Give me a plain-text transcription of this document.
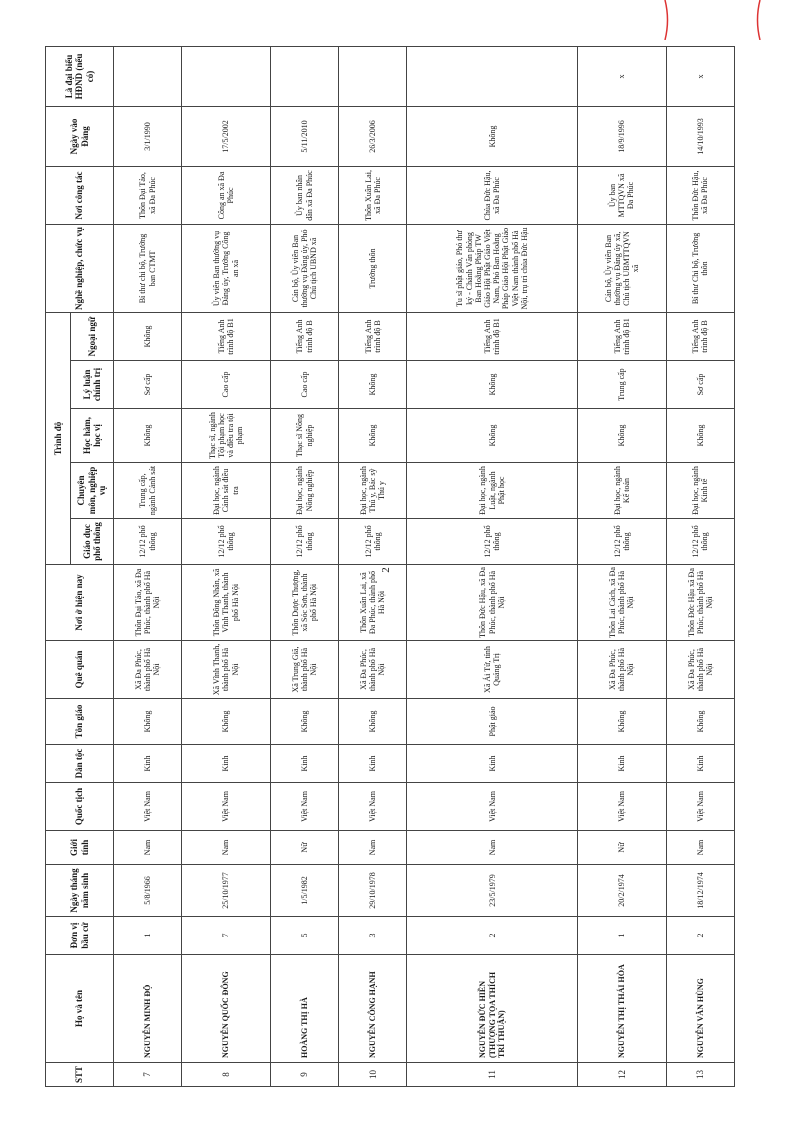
2
STT	Họ và tên	Đơn vị bầu cử	Ngày tháng năm sinh	Giới tính	Quốc tịch	Dân tộc	Tôn giáo	Quê quán	Nơi ở hiện nay	Trình độ					Nghề nghiệp, chức vụ	Nơi công tác	Ngày vào Đảng	Là đại biểu HĐND (nếu có)
										Giáo dục phổ thông	Chuyên môn, nghiệp vụ	Học hàm, học vị	Lý luận chính trị	Ngoại ngữ				
7	NGUYỄN MINH ĐỘ	1	5/8/1966	Nam	Việt Nam	Kinh	Không	Xã Đa Phúc, thành phố Hà Nội	Thôn Đại Tảo, xã Đa Phúc, thành phố Hà Nội	12/12 phổ thông	Trung cấp, ngành Cảnh sát	Không	Sơ cấp	Không	Bí thư chi bộ, Trưởng ban CTMT	Thôn Đại Tảo, xã Đa Phúc	3/1/1990	
8	NGUYỄN QUỐC ĐÔNG	7	25/10/1977	Nam	Việt Nam	Kinh	Không	Xã Vĩnh Thanh, thành phố Hà Nội	Thôn Đông Nhân, xã Vĩnh Thanh, thành phố Hà Nội	12/12 phổ thông	Đại học, ngành Cảnh sát điều tra	Thạc sĩ, ngành Tội phạm học và điều tra tội phạm	Cao cấp	Tiếng Anh trình độ B1	Ủy viên Ban thường vụ Đảng ủy, Trưởng Công an xã	Công an xã Đa Phúc	17/5/2002	
9	HOÀNG THỊ HÀ	5	1/5/1982	Nữ	Việt Nam	Kinh	Không	Xã Trung Giã, thành phố Hà Nội	Thôn Dược Thượng, xã Sóc Sơn, thành phố Hà Nội	12/12 phổ thông	Đại học, ngành Nông nghiệp	Thạc sĩ Nông nghiệp	Cao cấp	Tiếng Anh trình độ B	Cán bộ, Ủy viên Ban thường vụ Đảng ủy, Phó Chủ tịch UBND xã	Ủy ban nhân dân xã Đa Phúc	5/11/2010	
10	NGUYỄN CÔNG HẠNH	3	29/10/1978	Nam	Việt Nam	Kinh	Không	Xã Đa Phúc, thành phố Hà Nội	Thôn Xuân Lai, xã Đa Phúc, thành phố Hà Nội	12/12 phổ thông	Đại học, ngành Thú y, Bác sỹ Thú y	Không	Không	Tiếng Anh trình độ B	Trưởng thôn	Thôn Xuân Lai, xã Đa Phúc	26/3/2006	
11	NGUYỄN ĐỨC HIỀN (THƯỢNG TỌA THÍCH TRÍ THUẬN)	2	23/5/1979	Nam	Việt Nam	Kinh	Phật giáo	Xã Ái Tử, tỉnh Quảng Trị	Thôn Đức Hậu, xã Đa Phúc, thành phố Hà Nội	12/12 phổ thông	Đại học, ngành Luật, ngành Phật học	Không	Không	Tiếng Anh trình độ B1	Tu sĩ phật giáo, Phó thư ký - Chánh Văn phòng Ban Hoằng Pháp TW Giáo Hội Phật Giáo Việt Nam, Phó Ban Hoằng Pháp Giáo Hội Phật Giáo Việt Nam thành phố Hà Nội, trụ trì chùa Đức Hậu	Chùa Đức Hậu, xã Đa Phúc	Không	
12	NGUYỄN THỊ THÁI HÒA	1	20/2/1974	Nữ	Việt Nam	Kinh	Không	Xã Đa Phúc, thành phố Hà Nội	Thôn Lai Cách, xã Đa Phúc, thành phố Hà Nội	12/12 phổ thông	Đại học, ngành Kế toán	Không	Trung cấp	Tiếng Anh trình độ B1	Cán bộ, Ủy viên Ban thường vụ Đảng ủy xã, Chủ tịch UBMTTQVN xã	Ủy ban MTTQVN xã Đa Phúc	18/9/1996	x
13	NGUYỄN VĂN HÙNG	2	18/12/1974	Nam	Việt Nam	Kinh	Không	Xã Đa Phúc, thành phố Hà Nội	Thôn Đức Hậu xã Đa Phúc, thành phố Hà Nội	12/12 phổ thông	Đại học, ngành Kinh tế	Không	Sơ cấp	Tiếng Anh trình độ B	Bí thư Chi bộ, Trưởng thôn	Thôn Đức Hậu, xã Đa Phúc	14/10/1993	x
